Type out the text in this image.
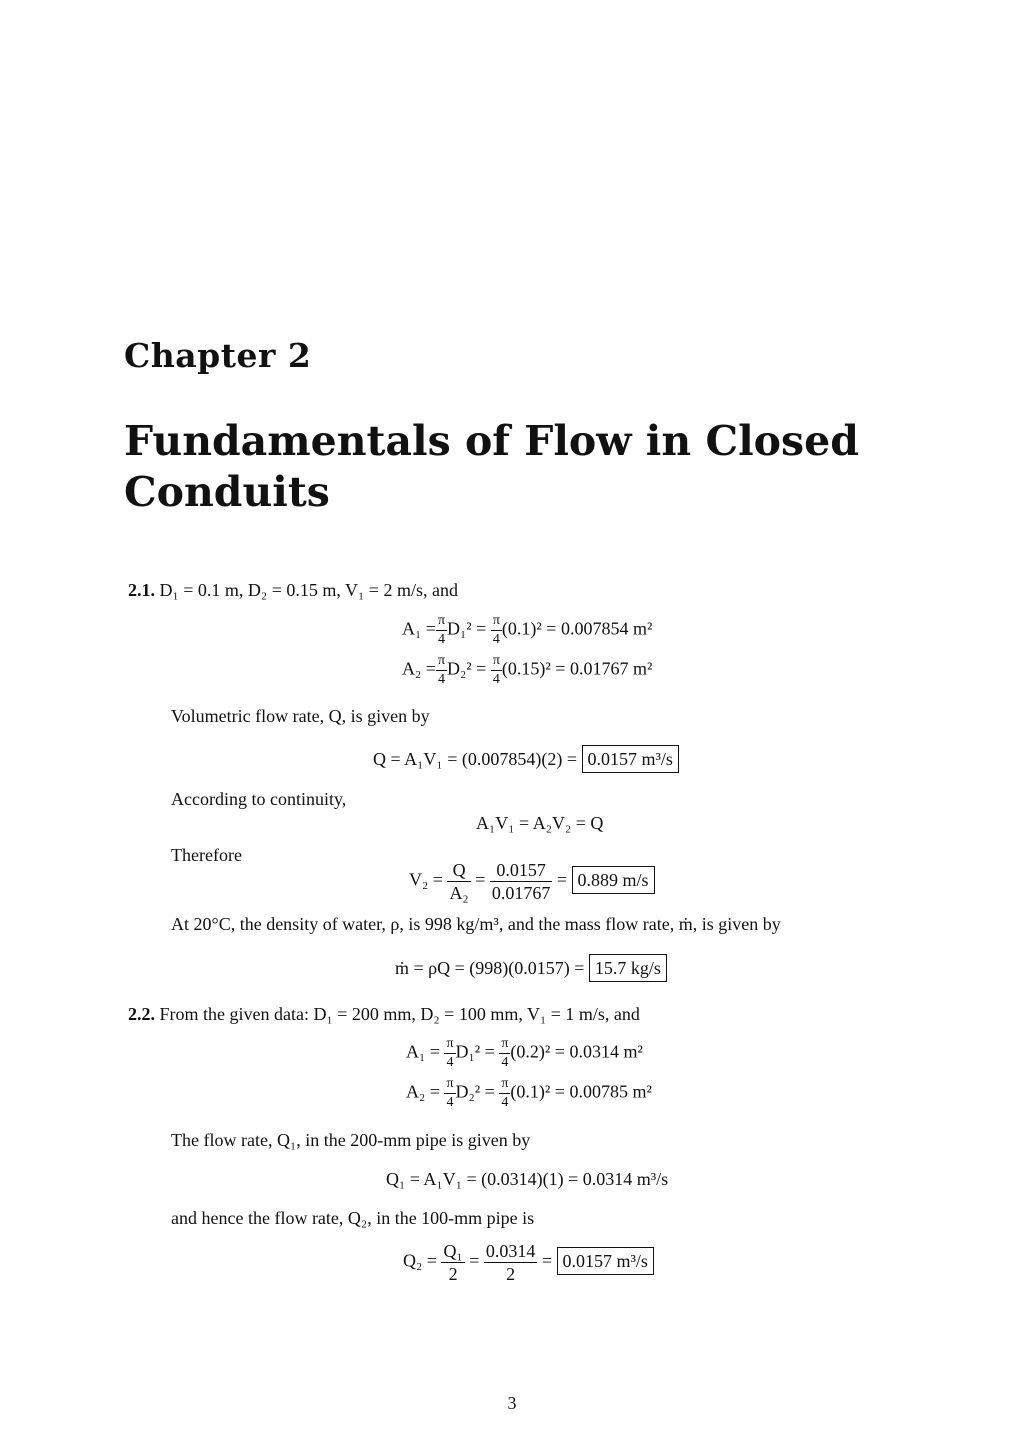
Chapter 2
Fundamentals of Flow in Closed Conduits
2.1. D₁ = 0.1 m, D₂ = 0.15 m, V₁ = 2 m/s, and
$A_1 = \frac{\pi}{4} D_1^2 = \frac{\pi}{4} (0.1)^2 = 0.007854$ m²
$A_2 = \frac{\pi}{4} D_2^2 = \frac{\pi}{4} (0.15)^2 = 0.01767$ m²
Volumetric flow rate, Q, is given by
Q = A₁V₁ = (0.007854)(2) = 0.0157 m³/s
According to continuity,
A₁V₁ = A₂V₂ = Q
Therefore
$V_2 = \frac{Q}{\text{A₂}} = \frac{0.0157}{0.01767} = 0.889$ m/s
At 20°C, the density of water, ρ, is 998 kg/m³, and the mass flow rate, ṁ, is given by
ṁ = ρQ = (998)(0.0157) = 15.7 kg/s
2.2. From the given data: D₁ = 200 mm, D₂ = 100 mm, V₁ = 1 m/s, and
$A_1 = \frac{\pi}{4} D_1^2 = \frac{\pi}{4} (0.2)^2 = 0.0314$ m²
$A_2 = \frac{\pi}{4} D_2^2 = \frac{\pi}{4} (0.1)^2 = 0.00785$ m²
The flow rate, Q₁, in the 200-mm pipe is given by
Q₁ = A₁V₁ = (0.0314)(1) = 0.0314 m³/s
and hence the flow rate, Q₂, in the 100-mm pipe is
$Q_2 = \frac{\text{Q₁}}{2} = \frac{0.0314}{2} = 0.0157$ m³/s
3
